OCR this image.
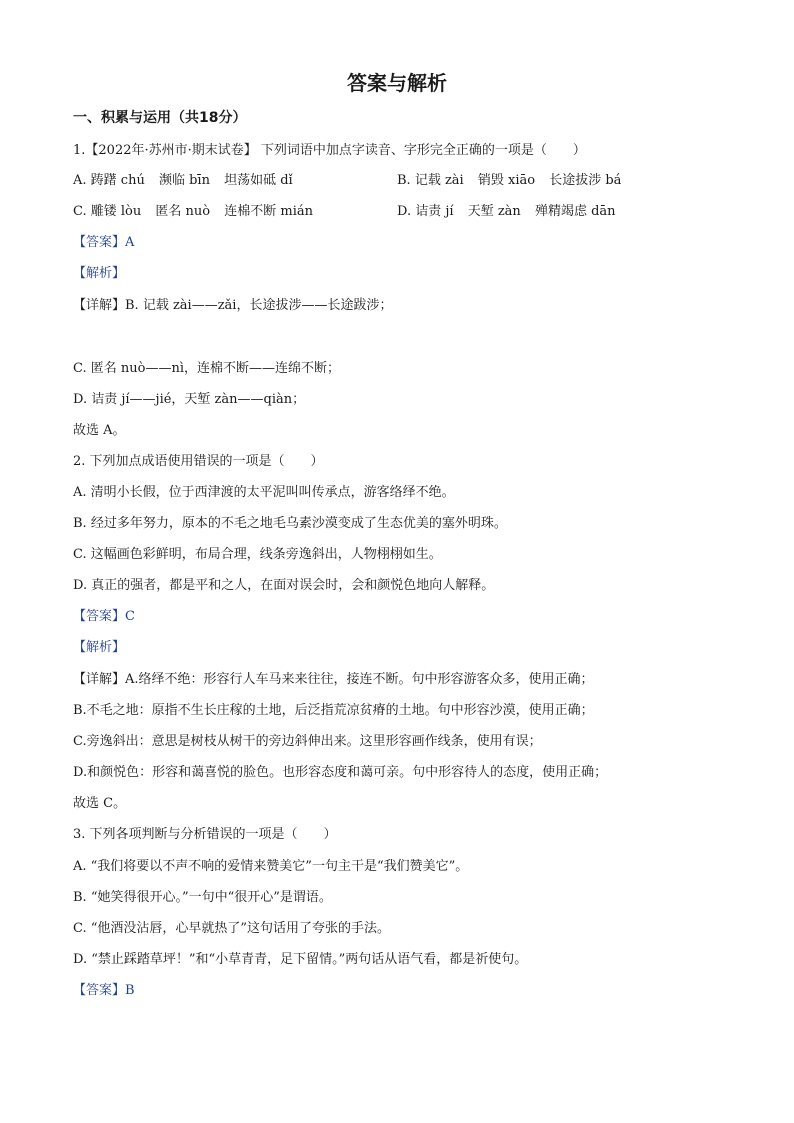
答案与解析
一、积累与运用（共18分）
1.【2022年·苏州市·期末试卷】 下列词语中加点字读音、字形完全正确的一项是（　　）
A. 踌躇 chú 濒临 bīn 坦荡如砥 dǐ	B. 记载 zài 销毁 xiāo 长途拔涉 bá
C. 雕镂 lòu 匿名 nuò 连棉不断 mián	D. 诘责 jí 天堑 zàn 殚精竭虑 dān
【答案】A
【解析】
【详解】B. 记载 zài——zǎi，长途拔涉——长途跋涉；
C. 匿名 nuò——nì，连棉不断——连绵不断；
D. 诘责 jí——jié，天堑 zàn——qiàn；
故选 A。
2. 下列加点成语使用错误的一项是（　　）
A. 清明小长假，位于西津渡的太平泥叫叫传承点，游客络绎不绝。
B. 经过多年努力，原本的不毛之地毛乌素沙漠变成了生态优美的塞外明珠。
C. 这幅画色彩鲜明，布局合理，线条旁逸斜出，人物栩栩如生。
D. 真正的强者，都是平和之人，在面对误会时，会和颜悦色地向人解释。
【答案】C
【解析】
【详解】A.络绎不绝：形容行人车马来来往往，接连不断。句中形容游客众多，使用正确；
B.不毛之地：原指不生长庄稼的土地，后泛指荒凉贫瘠的土地。句中形容沙漠，使用正确；
C.旁逸斜出：意思是树枝从树干的旁边斜伸出来。这里形容画作线条，使用有误；
D.和颜悦色：形容和蔼喜悦的脸色。也形容态度和蔼可亲。句中形容待人的态度，使用正确；
故选 C。
3. 下列各项判断与分析错误的一项是（　　）
A. “我们将要以不声不响的爱情来赞美它”一句主干是“我们赞美它”。
B. “她笑得很开心。”一句中“很开心”是谓语。
C. “他酒没沾唇，心早就热了”这句话用了夸张的手法。
D. “禁止踩踏草坪！”和“小草青青，足下留情。”两句话从语气看，都是祈使句。
【答案】B
